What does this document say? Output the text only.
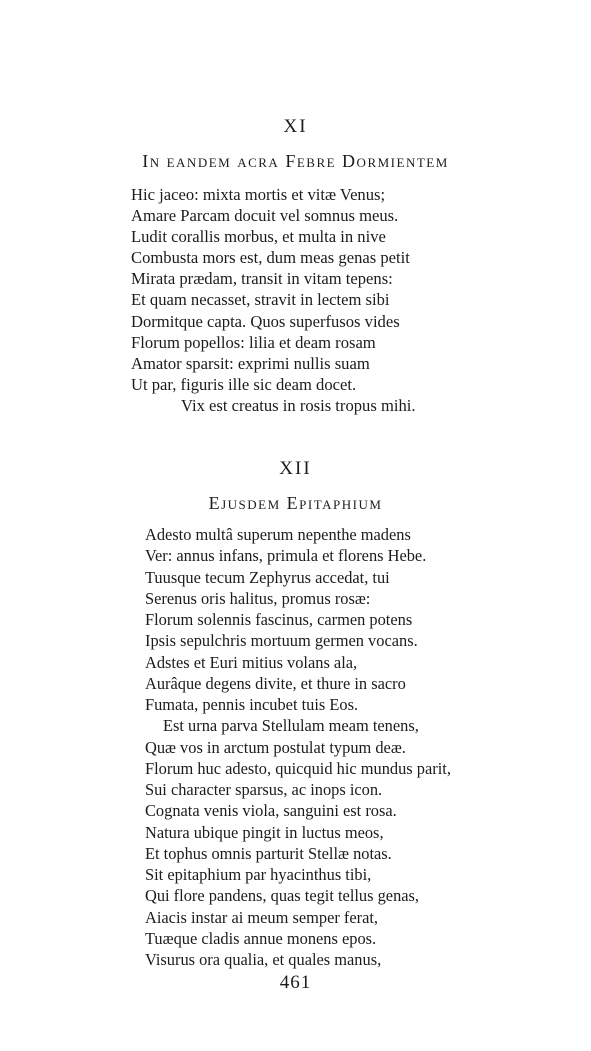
XI
In eandem acra Febre Dormientem
Hic jaceo: mixta mortis et vitæ Venus;
Amare Parcam docuit vel somnus meus.
Ludit corallis morbus, et multa in nive
Combusta mors est, dum meas genas petit
Mirata prædam, transit in vitam tepens:
Et quam necasset, stravit in lectem sibi
Dormitque capta. Quos superfusos vides
Florum popellos: lilia et deam rosam
Amator sparsit: exprimi nullis suam
Ut par, figuris ille sic deam docet.
Vix est creatus in rosis tropus mihi.
XII
Ejusdem Epitaphium
Adesto multâ superum nepenthe madens
Ver: annus infans, primula et florens Hebe.
Tuusque tecum Zephyrus accedat, tui
Serenus oris halitus, promus rosæ:
Florum solennis fascinus, carmen potens
Ipsis sepulchris mortuum germen vocans.
Adstes et Euri mitius volans ala,
Aurâque degens divite, et thure in sacro
Fumata, pennis incubet tuis Eos.
Est urna parva Stellulam meam tenens,
Quæ vos in arctum postulat typum deæ.
Florum huc adesto, quicquid hic mundus parit,
Sui character sparsus, ac inops icon.
Cognata venis viola, sanguini est rosa.
Natura ubique pingit in luctus meos,
Et tophus omnis parturit Stellæ notas.
Sit epitaphium par hyacinthus tibi,
Qui flore pandens, quas tegit tellus genas,
Aiacis instar ai meum semper ferat,
Tuæque cladis annue monens epos.
Visurus ora qualia, et quales manus,
461
